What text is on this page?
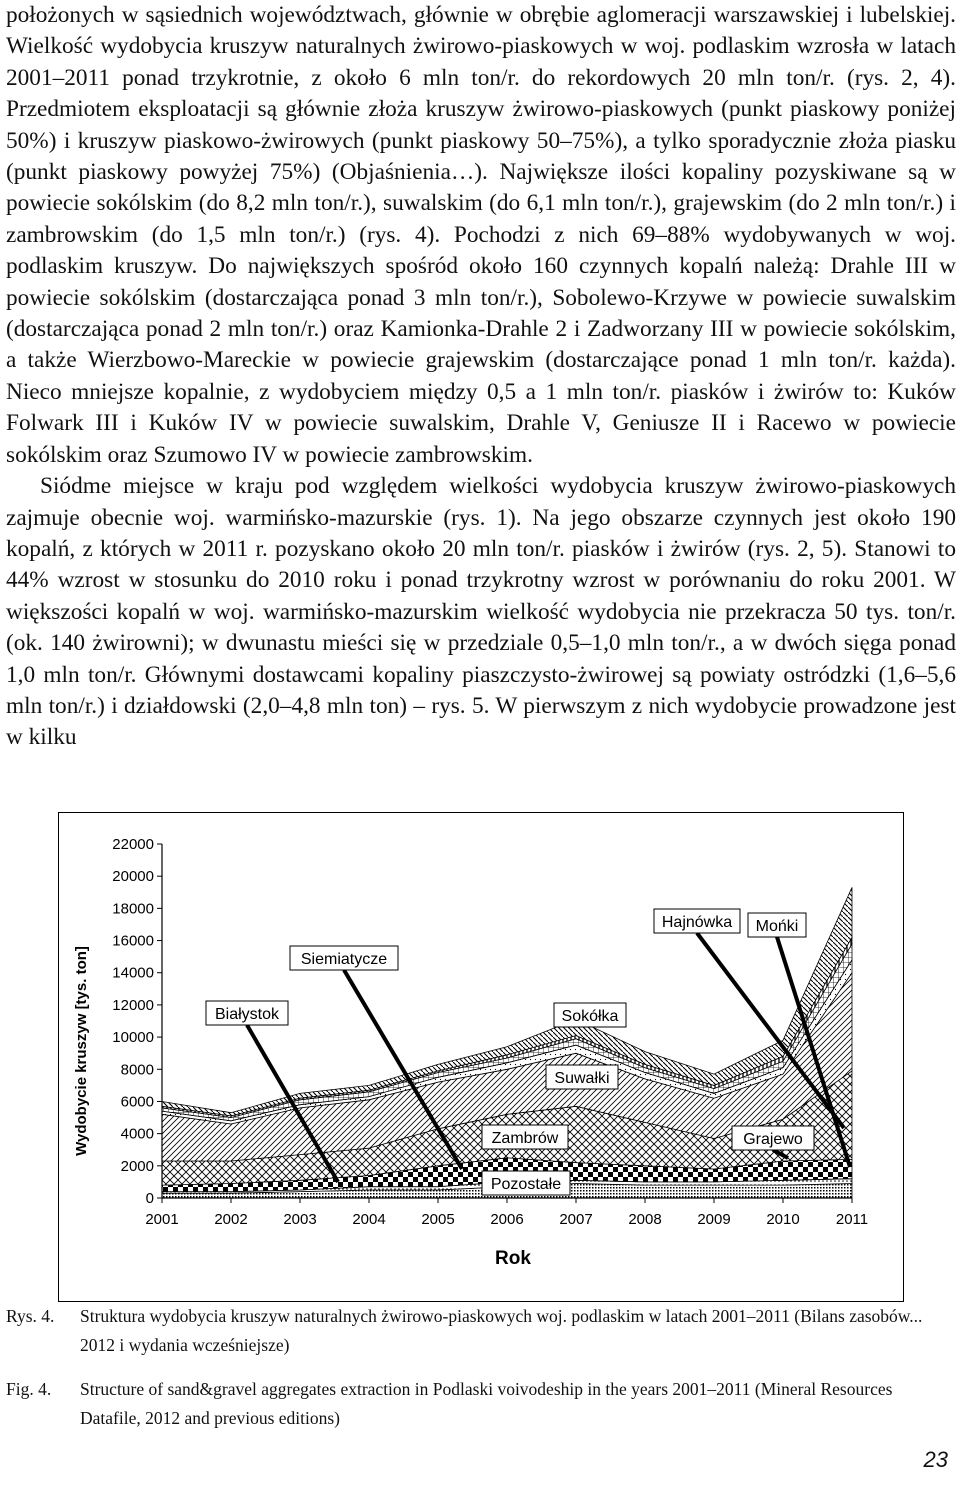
położonych w sąsiednich województwach, głównie w obrębie aglomeracji warszawskiej i lubelskiej. Wielkość wydobycia kruszyw naturalnych żwirowo-piaskowych w woj. podlaskim wzrosła w latach 2001–2011 ponad trzykrotnie, z około 6 mln ton/r. do rekordowych 20 mln ton/r. (rys. 2, 4). Przedmiotem eksploatacji są głównie złoża kruszyw żwirowo-piaskowych (punkt piaskowy poniżej 50%) i kruszyw piaskowo-żwirowych (punkt piaskowy 50–75%), a tylko sporadycznie złoża piasku (punkt piaskowy powyżej 75%) (Objaśnienia…). Największe ilości kopaliny pozyskiwane są w powiecie sokólskim (do 8,2 mln ton/r.), suwalskim (do 6,1 mln ton/r.), grajewskim (do 2 mln ton/r.) i zambrowskim (do 1,5 mln ton/r.) (rys. 4). Pochodzi z nich 69–88% wydobywanych w woj. podlaskim kruszyw. Do największych spośród około 160 czynnych kopalń należą: Drahle III w powiecie sokólskim (dostarczająca ponad 3 mln ton/r.), Sobolewo-Krzywe w powiecie suwalskim (dostarczająca ponad 2 mln ton/r.) oraz Kamionka-Drahle 2 i Zadworzany III w powiecie sokólskim, a także Wierzbowo-Mareckie w powiecie grajewskim (dostarczające ponad 1 mln ton/r. każda). Nieco mniejsze kopalnie, z wydobyciem między 0,5 a 1 mln ton/r. piasków i żwirów to: Kuków Folwark III i Kuków IV w powiecie suwalskim, Drahle V, Geniusze II i Racewo w powiecie sokólskim oraz Szumowo IV w powiecie zambrowskim.

Siódme miejsce w kraju pod względem wielkości wydobycia kruszyw żwirowo-piaskowych zajmuje obecnie woj. warmińsko-mazurskie (rys. 1). Na jego obszarze czynnych jest około 190 kopalń, z których w 2011 r. pozyskano około 20 mln ton/r. piasków i żwirów (rys. 2, 5). Stanowi to 44% wzrost w stosunku do 2010 roku i ponad trzykrotny wzrost w porównaniu do roku 2001. W większości kopalń w woj. warmińsko-mazurskim wielkość wydobycia nie przekracza 50 tys. ton/r. (ok. 140 żwirowni); w dwunastu mieści się w przedziale 0,5–1,0 mln ton/r., a w dwóch sięga ponad 1,0 mln ton/r. Głównymi dostawcami kopaliny piaszczysto-żwirowej są powiaty ostródzki (1,6–5,6 mln ton/r.) i działdowski (2,0–4,8 mln ton) – rys. 5. W pierwszym z nich wydobycie prowadzone jest w kilku

0
2000
4000
6000
8000
10000
12000
14000
16000
18000
20000
22000
2001 2002 2003 2004 2005 2006 2007 2008 2009 2010 2011
Rok
Wydobycie kruszyw [tys. ton]	Białystok
Siemiatycze
Hajnówka Mońki
Sokółka
Suwałki
Zambrów	Grajewo
Pozostałe
Rys. 4. Struktura wydobycia kruszyw naturalnych żwirowo-piaskowych woj. podlaskim w latach 2001–2011 (Bilans zasobów... 2012 i wydania wcześniejsze)
Fig. 4. Structure of sand&gravel aggregates extraction in Podlaski voivodeship in the years 2001–2011 (Mineral Resources Datafile, 2012 and previous editions)
23
